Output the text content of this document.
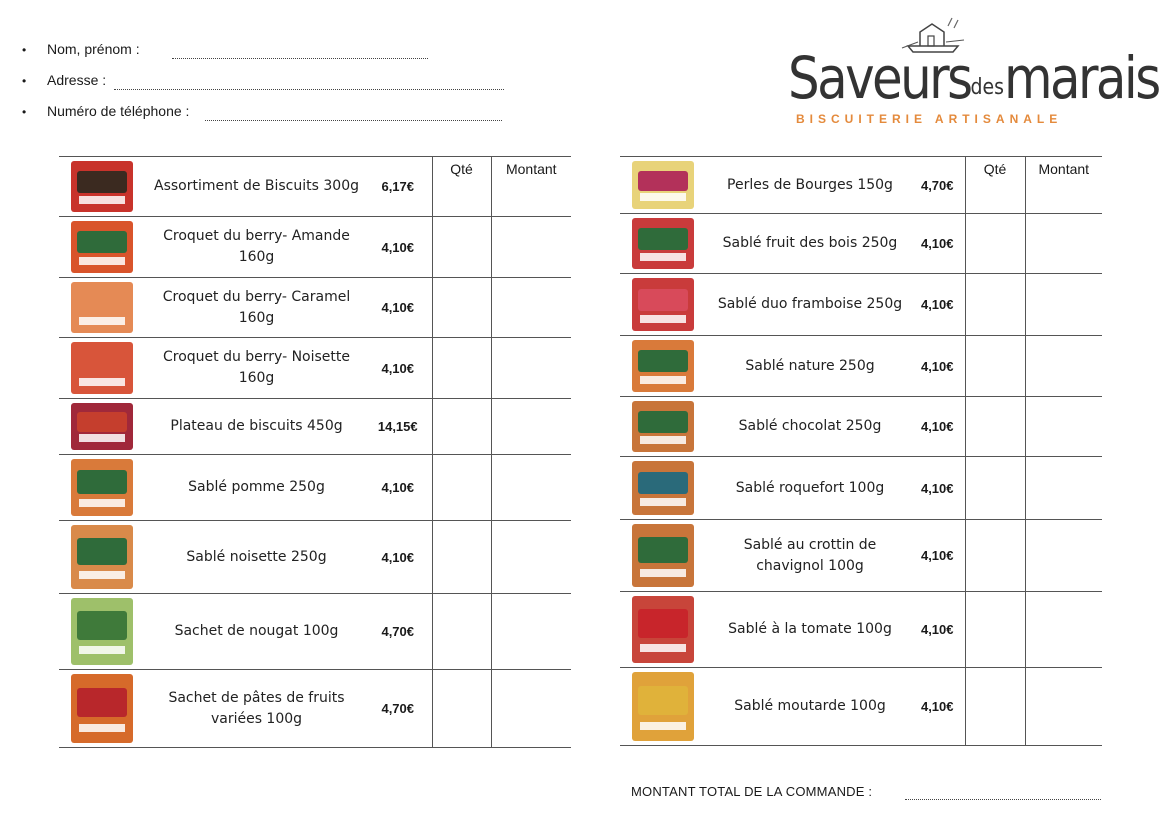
• Nom, prénom :
• Adresse :
• Numéro de téléphone :	Saveursdesmarais
BISCUITERIE ARTISANALE
	Assortiment de Biscuits 300g	6,17€	Qté	Montant

	Croquet du berry- Amande 160g	4,10€		

	Croquet du berry- Caramel 160g	4,10€		

	Croquet du berry- Noisette 160g	4,10€		

	Plateau de biscuits 450g	14,15€		

	Sablé pomme 250g	4,10€		

	Sablé noisette 250g	4,10€		

	Sachet de nougat 100g	4,70€		

	Sachet de pâtes de fruits variées 100g	4,70€		
	Perles de Bourges 150g	4,70€	Qté	Montant

	Sablé fruit des bois 250g	4,10€		

	Sablé duo framboise 250g	4,10€		

	Sablé nature 250g	4,10€		

	Sablé chocolat 250g	4,10€		

	Sablé roquefort 100g	4,10€		

	Sablé au crottin de chavignol 100g	4,10€		

	Sablé à la tomate 100g	4,10€		

	Sablé moutarde 100g	4,10€		
MONTANT TOTAL DE LA COMMANDE :
